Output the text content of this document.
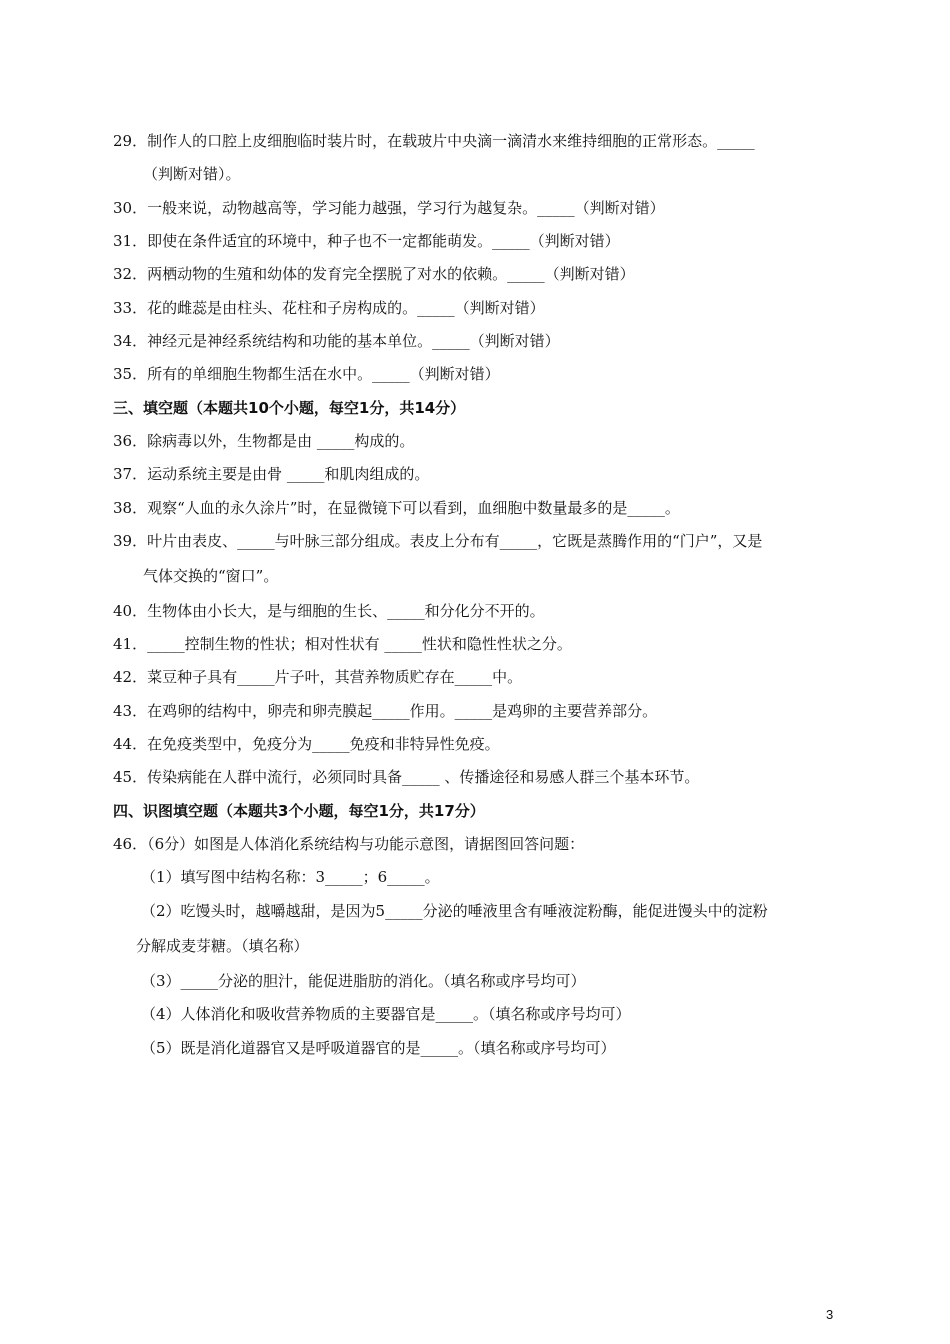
29．制作人的口腔上皮细胞临时装片时，在载玻片中央滴一滴清水来维持细胞的正常形态。_____
（判断对错）。
30．一般来说，动物越高等，学习能力越强，学习行为越复杂。_____（判断对错）
31．即使在条件适宜的环境中，种子也不一定都能萌发。_____（判断对错）
32．两栖动物的生殖和幼体的发育完全摆脱了对水的依赖。_____（判断对错）
33．花的雌蕊是由柱头、花柱和子房构成的。_____（判断对错）
34．神经元是神经系统结构和功能的基本单位。_____（判断对错）
35．所有的单细胞生物都生活在水中。_____（判断对错）
三、填空题（本题共10个小题，每空1分，共14分）
36．除病毒以外，生物都是由 _____构成的。
37．运动系统主要是由骨 _____和肌肉组成的。
38．观察“人血的永久涂片”时，在显微镜下可以看到，血细胞中数量最多的是_____。
39．叶片由表皮、_____与叶脉三部分组成。表皮上分布有_____，它既是蒸腾作用的“门户”，又是
气体交换的“窗口”。
40．生物体由小长大，是与细胞的生长、_____和分化分不开的。
41．_____控制生物的性状；相对性状有 _____性状和隐性性状之分。
42．菜豆种子具有_____片子叶，其营养物质贮存在_____中。
43．在鸡卵的结构中，卵壳和卵壳膜起_____作用。_____是鸡卵的主要营养部分。
44．在免疫类型中，免疫分为_____免疫和非特异性免疫。
45．传染病能在人群中流行，必须同时具备_____ 、传播途径和易感人群三个基本环节。
四、识图填空题（本题共3个小题，每空1分，共17分）
46．（6分）如图是人体消化系统结构与功能示意图，请据图回答问题：
（1）填写图中结构名称：3_____；6_____。
（2）吃馒头时，越嚼越甜，是因为5_____分泌的唾液里含有唾液淀粉酶，能促进馒头中的淀粉
分解成麦芽糖。（填名称）
（3）_____分泌的胆汁，能促进脂肪的消化。（填名称或序号均可）
（4）人体消化和吸收营养物质的主要器官是_____。（填名称或序号均可）
（5）既是消化道器官又是呼吸道器官的是_____。（填名称或序号均可）
3
